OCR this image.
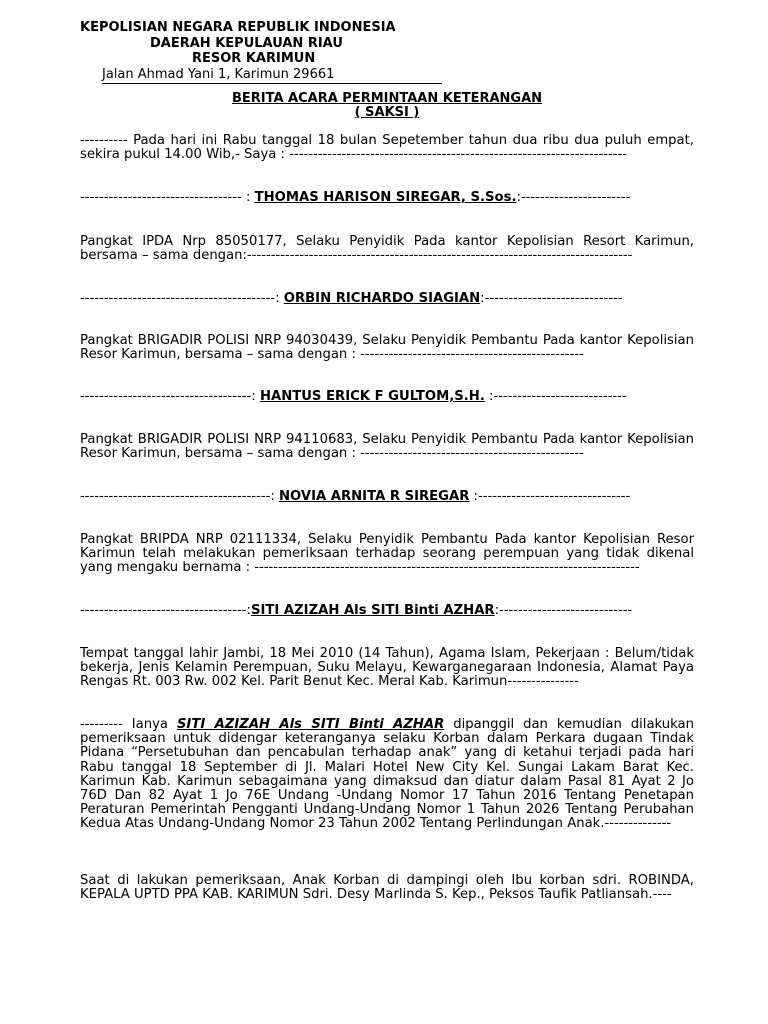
KEPOLISIAN NEGARA REPUBLIK INDONESIA
DAERAH KEPULAUAN RIAU
RESOR KARIMUN
Jalan Ahmad Yani 1, Karimun 29661
BERITA ACARA PERMINTAAN KETERANGAN
( SAKSI )
---------- Pada hari ini Rabu tanggal 18 bulan Sepetember tahun dua ribu dua puluh empat, sekira pukul 14.00 Wib,- Saya : -----------------------------------------------------------------------
---------------------------------- : THOMAS HARISON SIREGAR, S.Sos.:-----------------------
Pangkat IPDA Nrp 85050177, Selaku Penyidik Pada kantor Kepolisian Resort Karimun, bersama – sama dengan:---------------------------------------------------------------------------------
-----------------------------------------: ORBIN RICHARDO SIAGIAN:-----------------------------
Pangkat BRIGADIR POLISI NRP 94030439, Selaku Penyidik Pembantu Pada kantor Kepolisian Resor Karimun, bersama – sama dengan : -----------------------------------------------
------------------------------------: HANTUS ERICK F GULTOM,S.H. :----------------------------
Pangkat BRIGADIR POLISI NRP 94110683, Selaku Penyidik Pembantu Pada kantor Kepolisian Resor Karimun, bersama – sama dengan : -----------------------------------------------
----------------------------------------: NOVIA ARNITA R SIREGAR :--------------------------------
Pangkat BRIPDA NRP 02111334, Selaku Penyidik Pembantu Pada kantor Kepolisian Resor Karimun telah melakukan pemeriksaan terhadap seorang perempuan yang tidak dikenal yang mengaku bernama : ---------------------------------------------------------------------------------
-----------------------------------:SITI AZIZAH Als SITI Binti AZHAR:----------------------------
Tempat tanggal lahir Jambi, 18 Mei 2010 (14 Tahun), Agama Islam, Pekerjaan : Belum/tidak bekerja, Jenis Kelamin Perempuan, Suku Melayu, Kewarganegaraan Indonesia, Alamat Paya Rengas Rt. 003 Rw. 002 Kel. Parit Benut Kec. Meral Kab. Karimun---------------
--------- Ianya SITI AZIZAH Als SITI Binti AZHAR dipanggil dan kemudian dilakukan pemeriksaan untuk didengar keteranganya selaku Korban dalam Perkara dugaan Tindak Pidana “Persetubuhan dan pencabulan terhadap anak” yang di ketahui terjadi pada hari Rabu tanggal 18 September di Jl. Malari Hotel New City Kel. Sungai Lakam Barat Kec. Karimun Kab. Karimun sebagaimana yang dimaksud dan diatur dalam Pasal 81 Ayat 2 Jo 76D Dan 82 Ayat 1 Jo 76E Undang -Undang Nomor 17 Tahun 2016 Tentang Penetapan Peraturan Pemerintah Pengganti Undang-Undang Nomor 1 Tahun 2026 Tentang Perubahan Kedua Atas Undang-Undang Nomor 23 Tahun 2002 Tentang Perlindungan Anak.--------------
Saat di lakukan pemeriksaan, Anak Korban di dampingi oleh Ibu korban sdri. ROBINDA, KEPALA UPTD PPA KAB. KARIMUN Sdri. Desy Marlinda S. Kep., Peksos Taufik Patliansah.----
